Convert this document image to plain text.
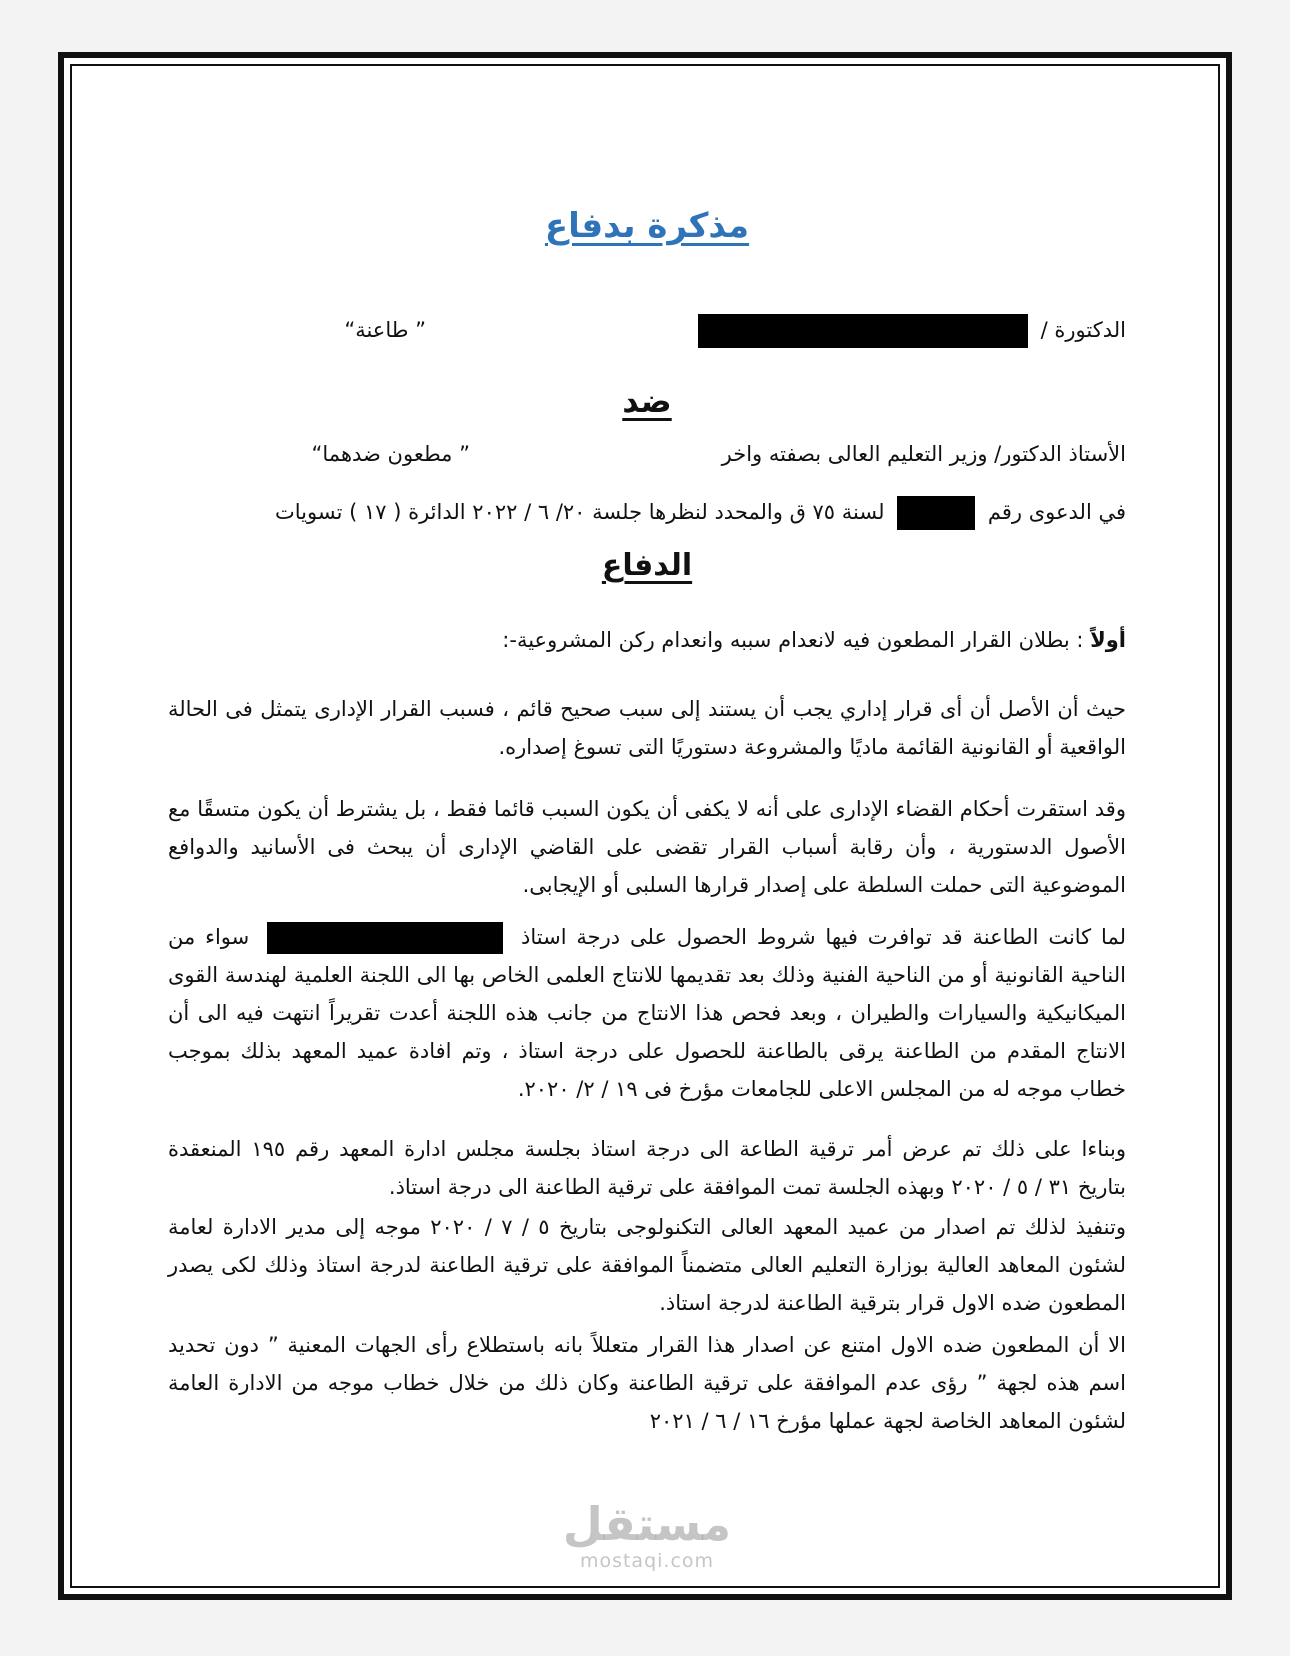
مذكرة بدفاع
الدكتورة /
” طاعنة“
ضد
الأستاذ الدكتور/ وزير التعليم العالى بصفته واخر
” مطعون ضدهما“
في الدعوى رقم  لسنة ٧٥ ق والمحدد لنظرها جلسة ٢٠/ ٦ / ٢٠٢٢ الدائرة ( ١٧ ) تسويات
الدفاع
أولاً : بطلان القرار المطعون فيه لانعدام سببه وانعدام ركن المشروعية-:
حيث أن الأصل أن أى قرار إداري يجب أن يستند إلى سبب صحيح قائم ، فسبب القرار الإدارى يتمثل فى الحالة الواقعية أو القانونية القائمة ماديًا والمشروعة دستوريًا التى تسوغ إصداره.
وقد استقرت أحكام القضاء الإدارى على أنه لا يكفى أن يكون السبب قائما فقط ، بل يشترط أن يكون متسقًا مع الأصول الدستورية ، وأن رقابة أسباب القرار تقضى على القاضي الإدارى أن يبحث فى الأسانيد والدوافع الموضوعية التى حملت السلطة على إصدار قرارها السلبى أو الإيجابى.
لما كانت الطاعنة قد توافرت فيها شروط الحصول على درجة استاذ  سواء من الناحية القانونية أو من الناحية الفنية وذلك بعد تقديمها للانتاج العلمى الخاص بها الى اللجنة العلمية لهندسة القوى الميكانيكية والسيارات والطيران ، وبعد فحص هذا الانتاج من جانب هذه اللجنة أعدت تقريراً انتهت فيه الى أن الانتاج المقدم من الطاعنة يرقى بالطاعنة للحصول على درجة استاذ ، وتم افادة عميد المعهد بذلك بموجب خطاب موجه له من المجلس الاعلى للجامعات مؤرخ فى ١٩ / ٢/ ٢٠٢٠.
وبناءا على ذلك تم عرض أمر ترقية الطاعة الى درجة استاذ بجلسة مجلس ادارة المعهد رقم ١٩٥ المنعقدة بتاريخ ٣١ / ٥ / ٢٠٢٠ وبهذه الجلسة تمت الموافقة على ترقية الطاعنة الى درجة استاذ.
وتنفيذ لذلك تم اصدار من عميد المعهد العالى التكنولوجى بتاريخ ٥ / ٧ / ٢٠٢٠ موجه إلى مدير الادارة لعامة لشئون المعاهد العالية بوزارة التعليم العالى متضمناً الموافقة على ترقية الطاعنة لدرجة استاذ وذلك لكى يصدر المطعون ضده الاول قرار بترقية الطاعنة لدرجة استاذ.
الا أن المطعون ضده الاول امتنع عن اصدار هذا القرار متعللاً بانه باستطلاع رأى الجهات المعنية ” دون تحديد اسم هذه لجهة ” رؤى عدم الموافقة على ترقية الطاعنة وكان ذلك من خلال خطاب موجه من الادارة العامة لشئون المعاهد الخاصة لجهة عملها مؤرخ ١٦ / ٦ / ٢٠٢١
مستقل
mostaqi.com
